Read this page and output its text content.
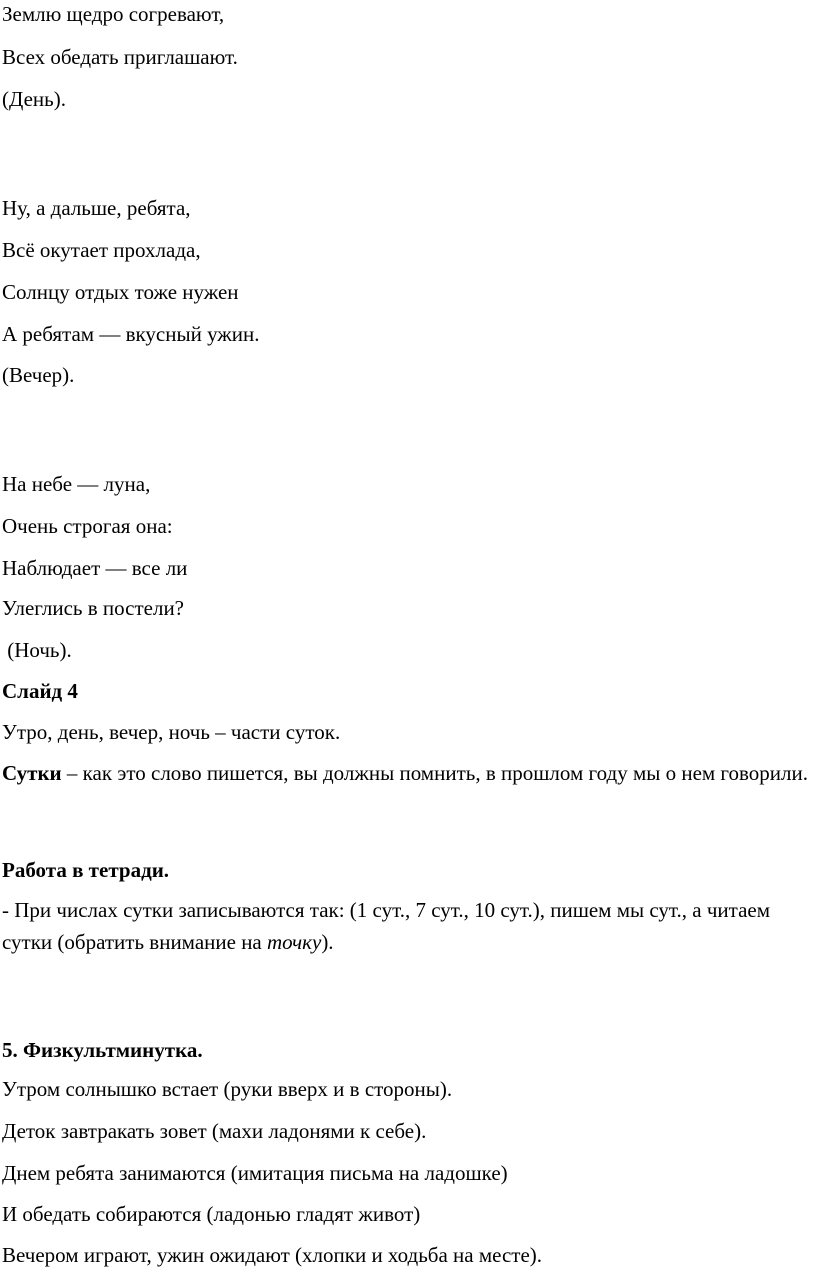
Землю щедро согревают,
Всех обедать приглашают.
(День).
Ну, а дальше, ребята,
Всё окутает прохлада,
Солнцу отдых тоже нужен
А ребятам — вкусный ужин.
(Вечер).
На небе — луна,
Очень строгая она:
Наблюдает — все ли
Улеглись в постели?
(Ночь).
Слайд 4
Утро, день, вечер, ночь – части суток.
Сутки – как это слово пишется, вы должны помнить, в прошлом году мы о нем говорили.
Работа в тетради.
- При числах сутки записываются так: (1 сут., 7 сут., 10 сут.), пишем мы сут., а читаем сутки (обратить внимание на точку).
5. Физкультминутка.
Утром солнышко встает (руки вверх и в стороны).
Деток завтракать зовет (махи ладонями к себе).
Днем ребята занимаются (имитация письма на ладошке)
И обедать собираются (ладонью гладят живот)
Вечером играют, ужин ожидают (хлопки и ходьба на месте).
